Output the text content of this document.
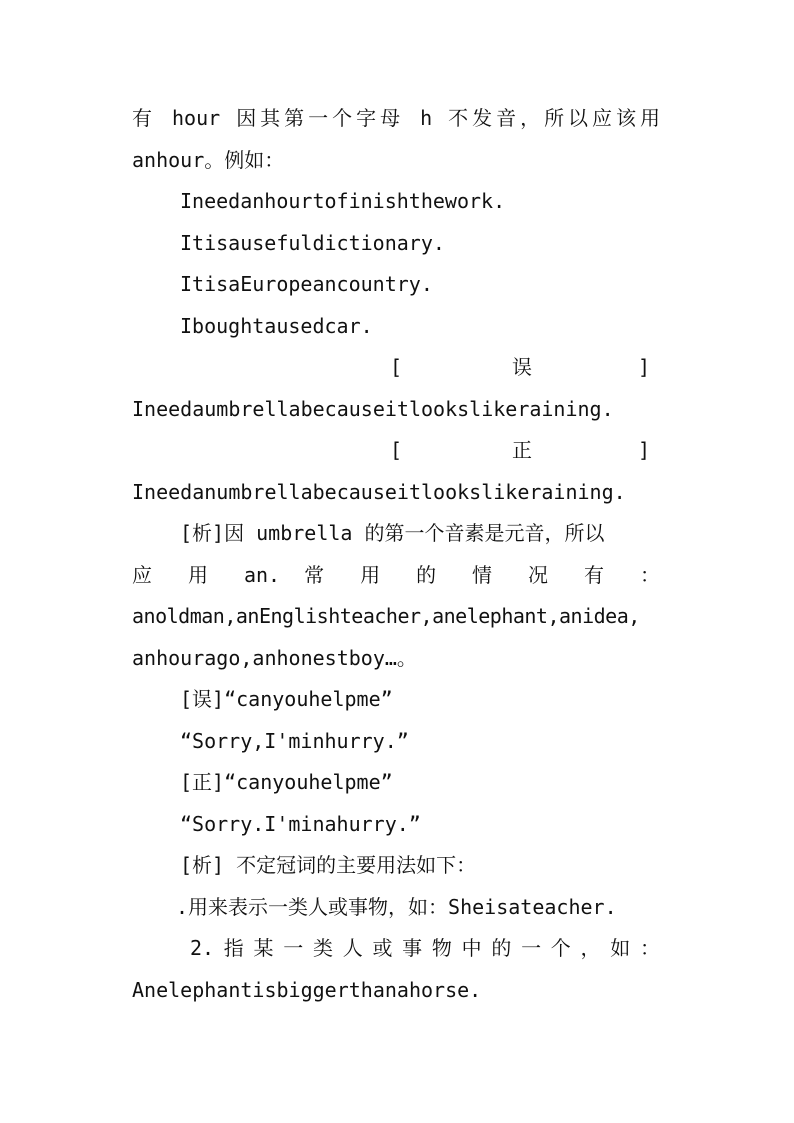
有 hour 因其第一个字母 h 不发音，所以应该用
anhour。例如：
Ineedanhourtofinishthework.
Itisausefuldictionary.
ItisaEuropeancountry.
Iboughtausedcar.
[	误	]
Ineedaumbrellabecauseitlookslikeraining.
[	正	]
Ineedanumbrellabecauseitlookslikeraining.
[析]因 umbrella 的第一个音素是元音，所以
应 用 an. 常 用 的 情 况 有 ：
anoldman,anEnglishteacher,anelephant,anidea,
anhourago,anhonestboy…。
[误]“canyouhelpme”
“Sorry,I'minhurry.”
[正]“canyouhelpme”
“Sorry.I'minahurry.”
[析] 不定冠词的主要用法如下：
.用来表示一类人或事物，如：Sheisateacher.
2.指某一类人或事物中的一个，如：
Anelephantisbiggerthanahorse.
